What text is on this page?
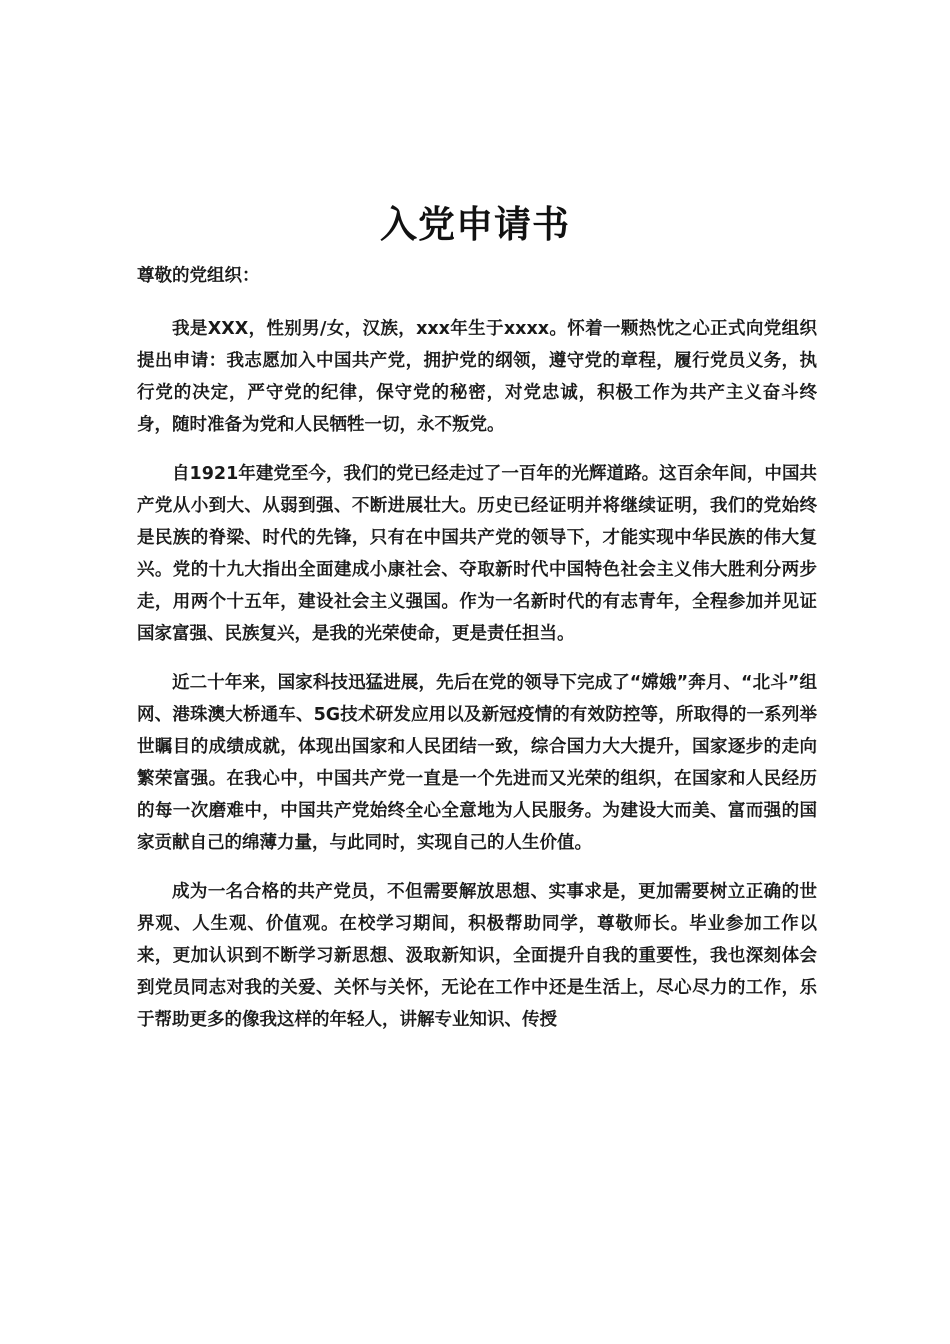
入党申请书

尊敬的党组织：

我是XXX，性别男/女，汉族，xxx年生于xxxx。怀着一颗热忱之心正式向党组织提出申请：我志愿加入中国共产党，拥护党的纲领，遵守党的章程，履行党员义务，执行党的决定，严守党的纪律，保守党的秘密，对党忠诚，积极工作为共产主义奋斗终身，随时准备为党和人民牺牲一切，永不叛党。

自1921年建党至今，我们的党已经走过了一百年的光辉道路。这百余年间，中国共产党从小到大、从弱到强、不断进展壮大。历史已经证明并将继续证明，我们的党始终是民族的脊梁、时代的先锋，只有在中国共产党的领导下，才能实现中华民族的伟大复兴。党的十九大指出全面建成小康社会、夺取新时代中国特色社会主义伟大胜利分两步走，用两个十五年，建设社会主义强国。作为一名新时代的有志青年，全程参加并见证国家富强、民族复兴，是我的光荣使命，更是责任担当。

近二十年来，国家科技迅猛进展，先后在党的领导下完成了“嫦娥”奔月、“北斗”组网、港珠澳大桥通车、5G技术研发应用以及新冠疫情的有效防控等，所取得的一系列举世瞩目的成绩成就，体现出国家和人民团结一致，综合国力大大提升，国家逐步的走向繁荣富强。在我心中，中国共产党一直是一个先进而又光荣的组织，在国家和人民经历的每一次磨难中，中国共产党始终全心全意地为人民服务。为建设大而美、富而强的国家贡献自己的绵薄力量，与此同时，实现自己的人生价值。

成为一名合格的共产党员，不但需要解放思想、实事求是，更加需要树立正确的世界观、人生观、价值观。在校学习期间，积极帮助同学，尊敬师长。毕业参加工作以来，更加认识到不断学习新思想、汲取新知识，全面提升自我的重要性，我也深刻体会到党员同志对我的关爱、关怀与关怀，无论在工作中还是生活上，尽心尽力的工作，乐于帮助更多的像我这样的年轻人，讲解专业知识、传授
